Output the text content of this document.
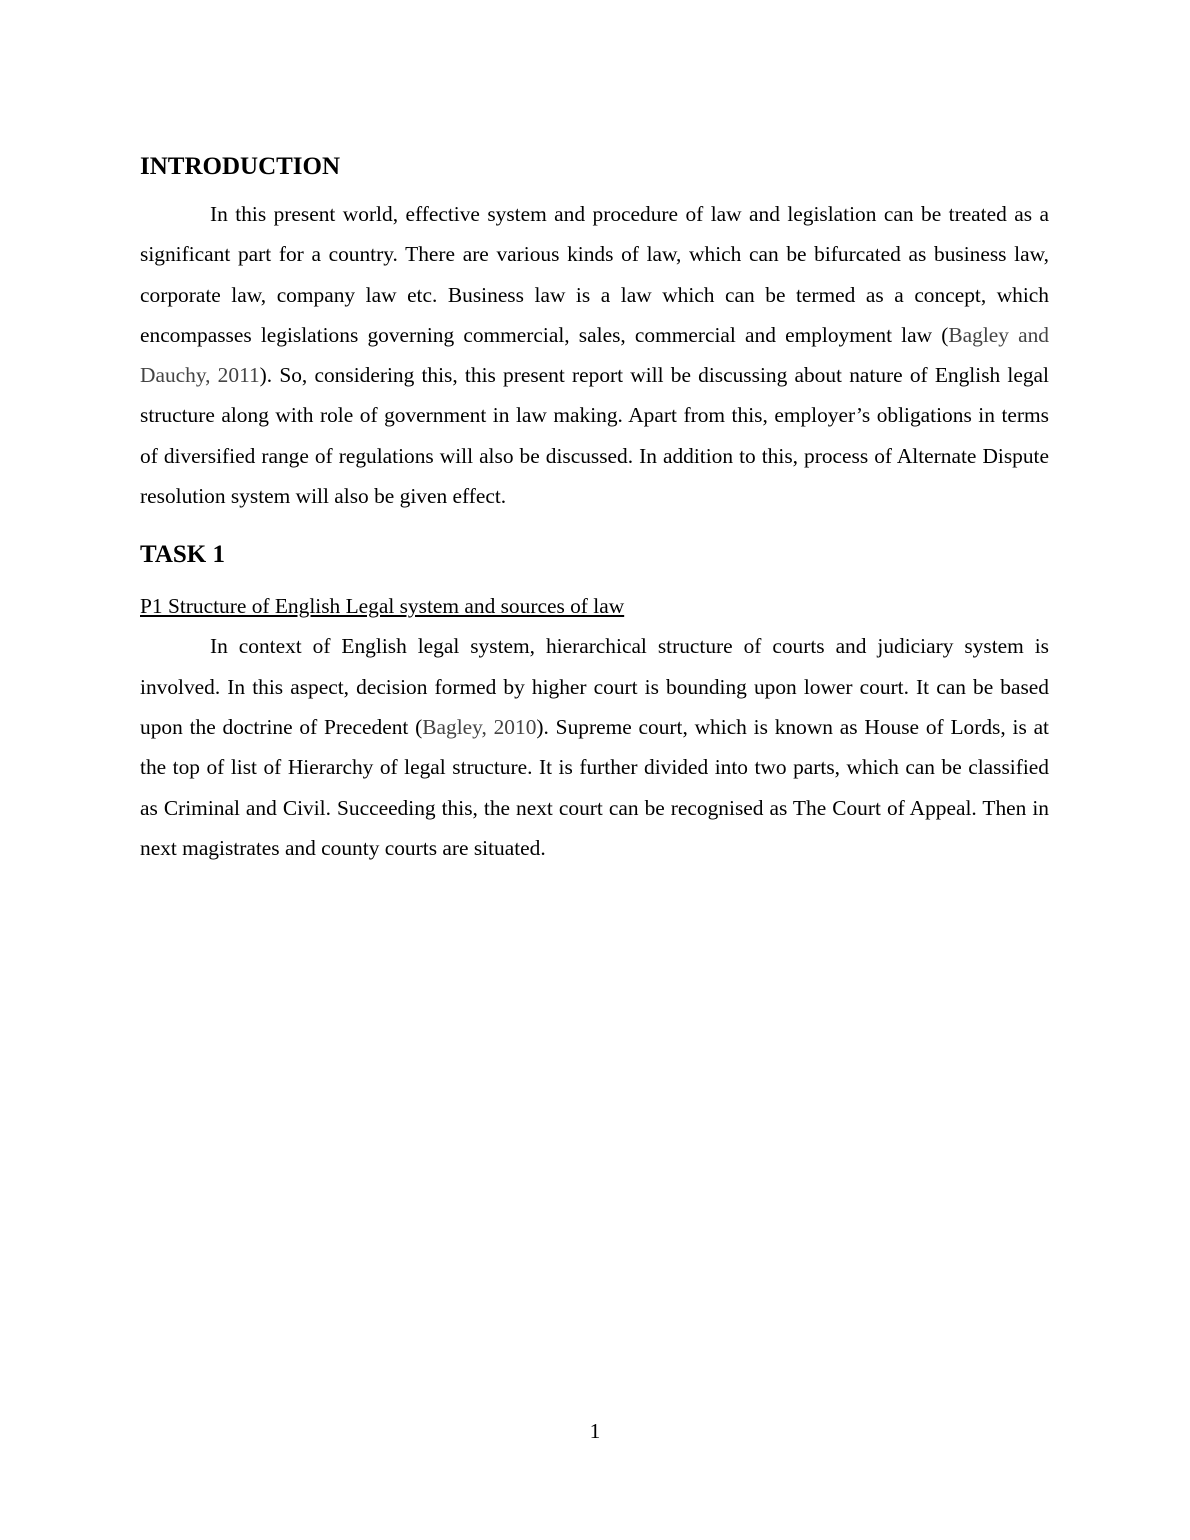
INTRODUCTION

In this present world, effective system and procedure of law and legislation can be treated as a significant part for a country. There are various kinds of law, which can be bifurcated as business law, corporate law, company law etc. Business law is a law which can be termed as a concept, which encompasses legislations governing commercial, sales, commercial and employment law (Bagley and Dauchy, 2011). So, considering this, this present report will be discussing about nature of English legal structure along with role of government in law making. Apart from this, employer’s obligations in terms of diversified range of regulations will also be discussed. In addition to this, process of Alternate Dispute resolution system will also be given effect.

TASK 1
P1 Structure of English Legal system and sources of law

In context of English legal system, hierarchical structure of courts and judiciary system is involved. In this aspect, decision formed by higher court is bounding upon lower court. It can be based upon the doctrine of Precedent (Bagley, 2010). Supreme court, which is known as House of Lords, is at the top of list of Hierarchy of legal structure. It is further divided into two parts, which can be classified as Criminal and Civil. Succeeding this, the next court can be recognised as The Court of Appeal. Then in next magistrates and county courts are situated.

1
